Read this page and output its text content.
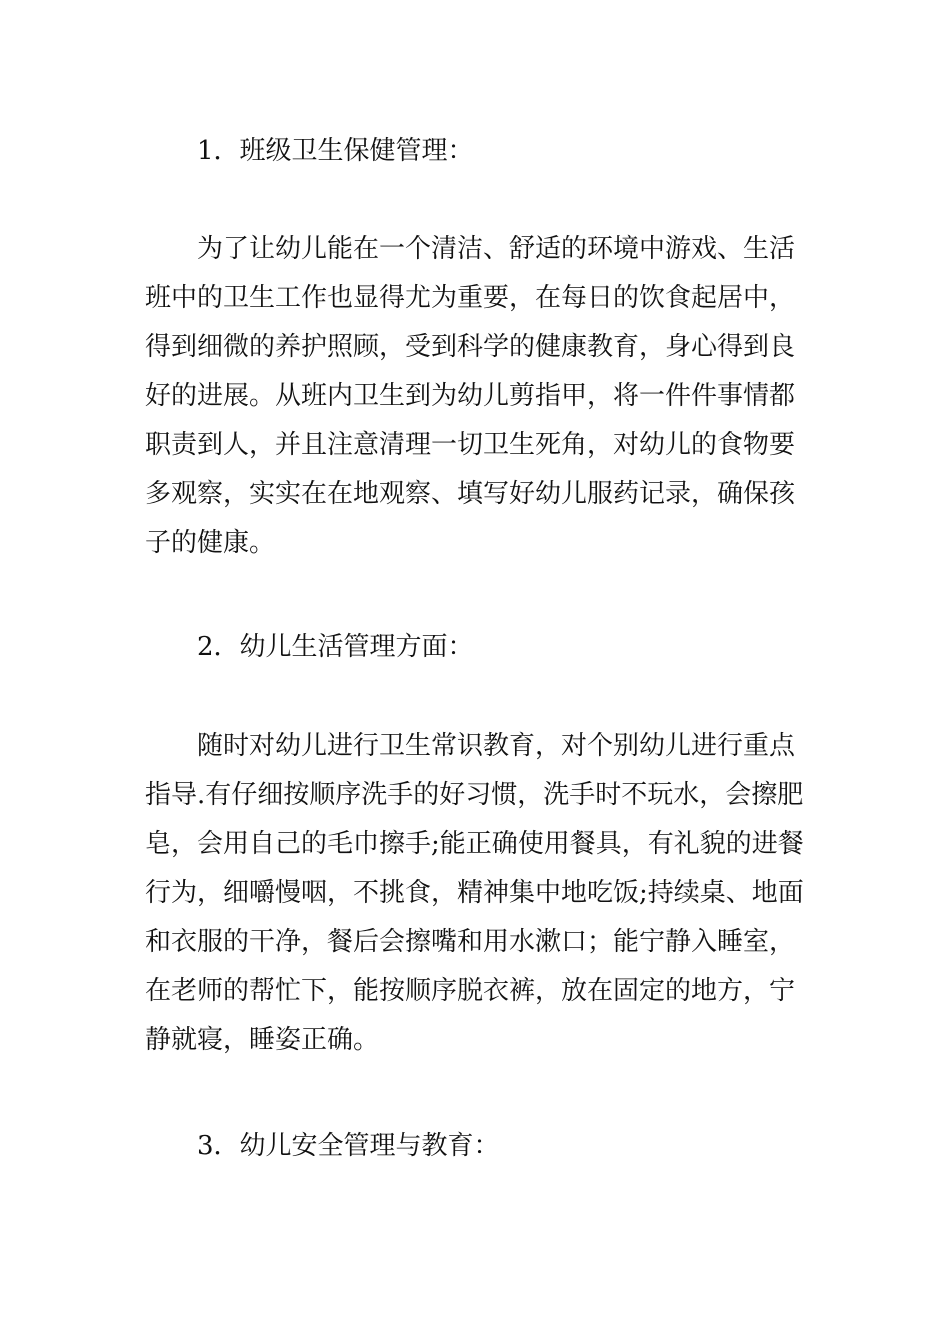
1．班级卫生保健管理：
为了让幼儿能在一个清洁、舒适的环境中游戏、生活
班中的卫生工作也显得尤为重要，在每日的饮食起居中，
得到细微的养护照顾，受到科学的健康教育，身心得到良
好的进展。从班内卫生到为幼儿剪指甲，将一件件事情都
职责到人，并且注意清理一切卫生死角，对幼儿的食物要
多观察，实实在在地观察、填写好幼儿服药记录，确保孩
子的健康。
2．幼儿生活管理方面：
随时对幼儿进行卫生常识教育，对个别幼儿进行重点
指导.有仔细按顺序洗手的好习惯，洗手时不玩水，会擦肥
皂，会用自己的毛巾擦手;能正确使用餐具，有礼貌的进餐
行为，细嚼慢咽，不挑食，精神集中地吃饭;持续桌、地面
和衣服的干净，餐后会擦嘴和用水漱口；能宁静入睡室，
在老师的帮忙下，能按顺序脱衣裤，放在固定的地方，宁
静就寝，睡姿正确。
3．幼儿安全管理与教育：
